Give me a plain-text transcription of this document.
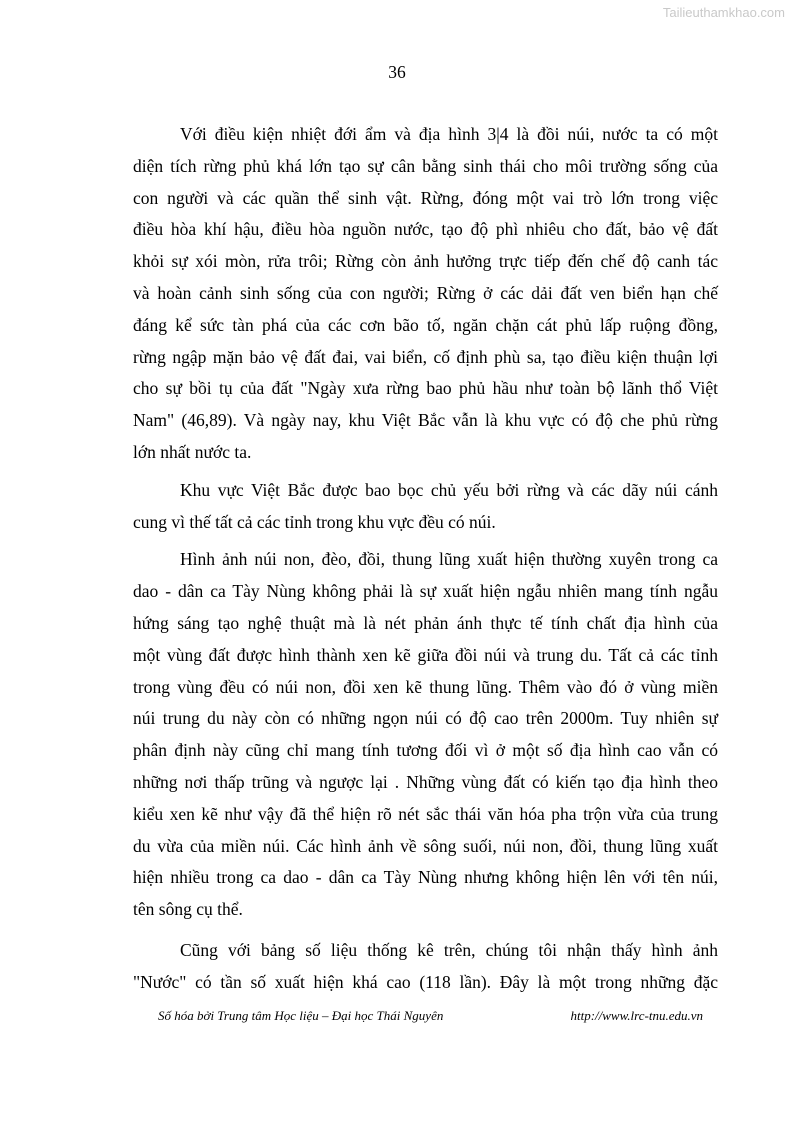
Tailieuthamkhao.com
36
Với điều kiện nhiệt đới ẩm và địa hình 3|4 là đồi núi, nước ta có một
diện tích rừng phủ khá lớn tạo sự cân bằng sinh thái cho môi trường sống của
con người và các quần thể sinh vật. Rừng, đóng một vai trò lớn trong việc
điều hòa khí hậu, điều hòa nguồn nước, tạo độ phì nhiêu cho đất, bảo vệ đất
khỏi sự xói mòn, rửa trôi; Rừng còn ảnh hưởng trực tiếp đến chế độ canh tác
và hoàn cảnh sinh sống của con người; Rừng ở các dải đất ven biển hạn chế
đáng kể sức tàn phá của các cơn bão tố, ngăn chặn cát phủ lấp ruộng đồng,
rừng ngập mặn bảo vệ đất đai, vai biển, cố định phù sa, tạo điều kiện thuận lợi
cho sự bồi tụ của đất "Ngày xưa rừng bao phủ hầu như toàn bộ lãnh thổ Việt
Nam" (46,89). Và ngày nay, khu Việt Bắc vẫn là khu vực có độ che phủ rừng
lớn nhất nước ta.
Khu vực Việt Bắc được bao bọc chủ yếu bởi rừng và các dãy núi cánh
cung vì thế tất cả các tỉnh trong khu vực đều có núi.
Hình ảnh núi non, đèo, đồi, thung lũng xuất hiện thường xuyên trong ca
dao - dân ca Tày Nùng không phải là sự xuất hiện ngẫu nhiên mang tính ngẫu
hứng sáng tạo nghệ thuật mà là nét phản ánh thực tế tính chất địa hình của
một vùng đất được hình thành xen kẽ giữa đồi núi và trung du. Tất cả các tỉnh
trong vùng đều có núi non, đồi xen kẽ thung lũng. Thêm vào đó ở vùng miền
núi trung du này còn có những ngọn núi có độ cao trên 2000m. Tuy nhiên sự
phân định này cũng chỉ mang tính tương đối vì ở một số địa hình cao vẫn có
những nơi thấp trũng và ngược lại . Những vùng đất có kiến tạo địa hình theo
kiểu xen kẽ như vậy đã thể hiện rõ nét sắc thái văn hóa pha trộn vừa của trung
du vừa của miền núi. Các hình ảnh về sông suối, núi non, đồi, thung lũng xuất
hiện nhiều trong ca dao - dân ca Tày Nùng nhưng không hiện lên với tên núi,
tên sông cụ thể.
Cũng với bảng số liệu thống kê trên, chúng tôi nhận thấy hình ảnh
"Nước" có tần số xuất hiện khá cao (118 lần). Đây là một trong những đặc
Số hóa bởi Trung tâm Học liệu – Đại học Thái Nguyên	http://www.lrc-tnu.edu.vn
